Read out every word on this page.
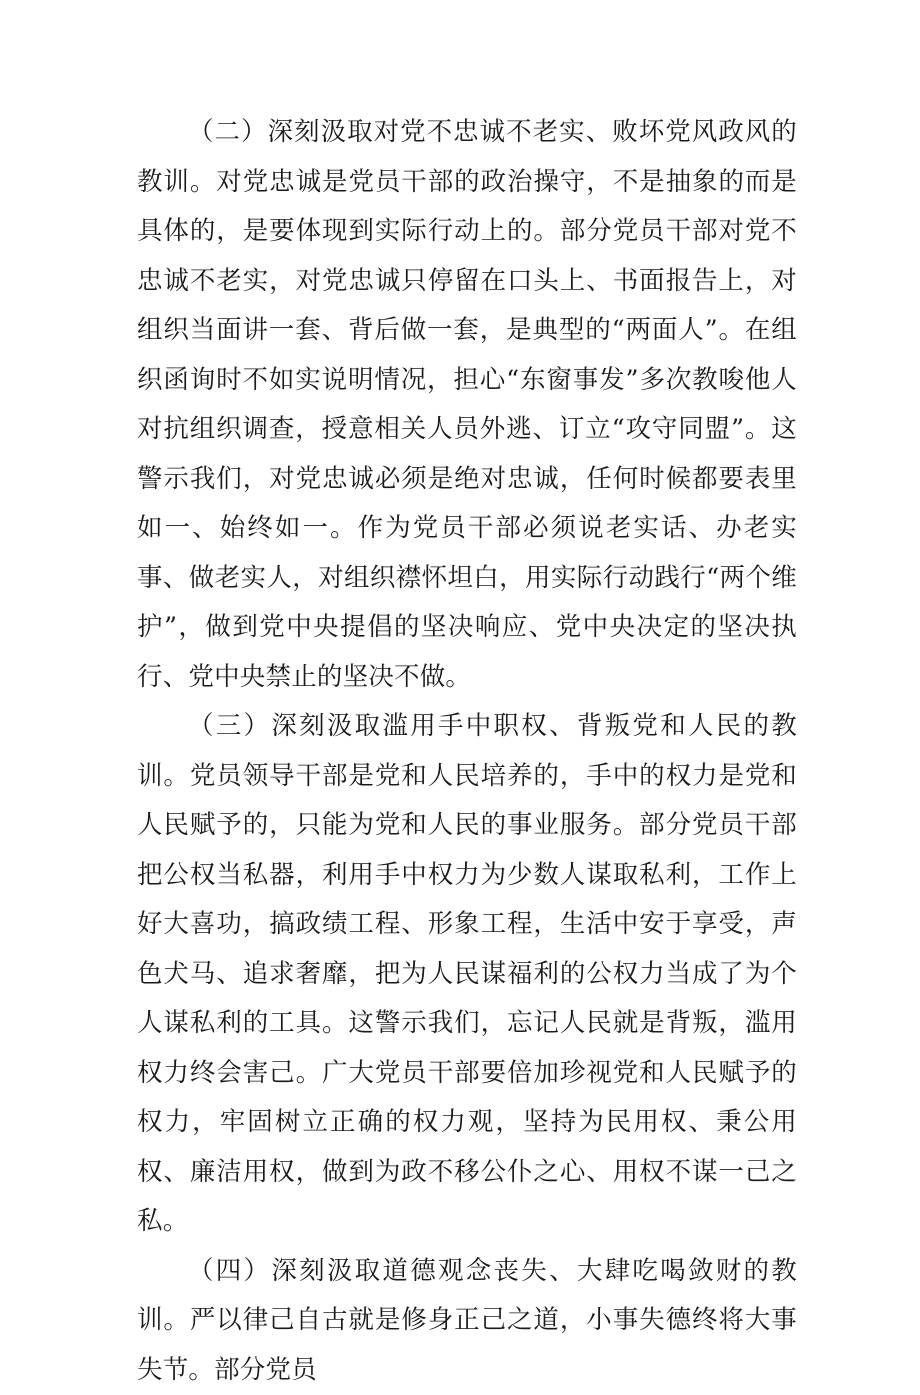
（二）深刻汲取对党不忠诚不老实、败坏党风政风的教训。对党忠诚是党员干部的政治操守，不是抽象的而是具体的，是要体现到实际行动上的。部分党员干部对党不忠诚不老实，对党忠诚只停留在口头上、书面报告上，对组织当面讲一套、背后做一套，是典型的“两面人”。在组织函询时不如实说明情况，担心“东窗事发”多次教唆他人对抗组织调查，授意相关人员外逃、订立“攻守同盟”。这警示我们，对党忠诚必须是绝对忠诚，任何时候都要表里如一、始终如一。作为党员干部必须说老实话、办老实事、做老实人，对组织襟怀坦白，用实际行动践行“两个维护”，做到党中央提倡的坚决响应、党中央决定的坚决执行、党中央禁止的坚决不做。

（三）深刻汲取滥用手中职权、背叛党和人民的教训。党员领导干部是党和人民培养的，手中的权力是党和人民赋予的，只能为党和人民的事业服务。部分党员干部把公权当私器，利用手中权力为少数人谋取私利，工作上好大喜功，搞政绩工程、形象工程，生活中安于享受，声色犬马、追求奢靡，把为人民谋福利的公权力当成了为个人谋私利的工具。这警示我们，忘记人民就是背叛，滥用权力终会害己。广大党员干部要倍加珍视党和人民赋予的权力，牢固树立正确的权力观，坚持为民用权、秉公用权、廉洁用权，做到为政不移公仆之心、用权不谋一己之私。

（四）深刻汲取道德观念丧失、大肆吃喝敛财的教训。严以律己自古就是修身正己之道，小事失德终将大事失节。部分党员
